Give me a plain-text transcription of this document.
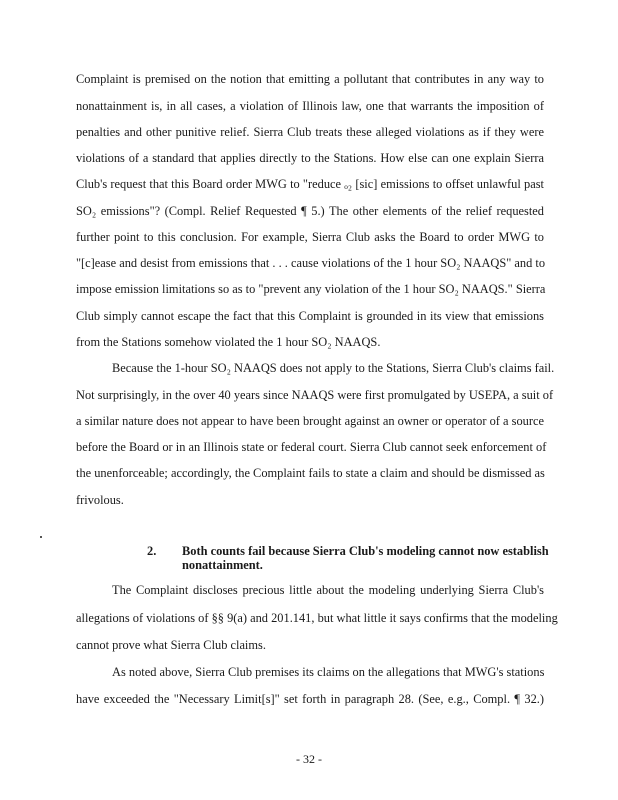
Complaint is premised on the notion that emitting a pollutant that contributes in any way to
nonattainment is, in all cases, a violation of Illinois law, one that warrants the imposition of
penalties and other punitive relief. Sierra Club treats these alleged violations as if they were
violations of a standard that applies directly to the Stations. How else can one explain Sierra
Club's request that this Board order MWG to "reduce ₒ₂ [sic] emissions to offset unlawful past
SO₂ emissions"? (Compl. Relief Requested ¶ 5.) The other elements of the relief requested
further point to this conclusion. For example, Sierra Club asks the Board to order MWG to
"[c]ease and desist from emissions that . . . cause violations of the 1 hour SO₂ NAAQS" and to
impose emission limitations so as to "prevent any violation of the 1 hour SO₂ NAAQS." Sierra
Club simply cannot escape the fact that this Complaint is grounded in its view that emissions
from the Stations somehow violated the 1 hour SO₂ NAAQS.
Because the 1-hour SO₂ NAAQS does not apply to the Stations, Sierra Club's claims fail.
Not surprisingly, in the over 40 years since NAAQS were first promulgated by USEPA, a suit of
a similar nature does not appear to have been brought against an owner or operator of a source
before the Board or in an Illinois state or federal court. Sierra Club cannot seek enforcement of
the unenforceable; accordingly, the Complaint fails to state a claim and should be dismissed as
frivolous.
2. Both counts fail because Sierra Club's modeling cannot now establish
nonattainment.
The Complaint discloses precious little about the modeling underlying Sierra Club's
allegations of violations of §§ 9(a) and 201.141, but what little it says confirms that the modeling
cannot prove what Sierra Club claims.
As noted above, Sierra Club premises its claims on the allegations that MWG's stations
have exceeded the "Necessary Limit[s]" set forth in paragraph 28. (See, e.g., Compl. ¶ 32.)
- 32 -
